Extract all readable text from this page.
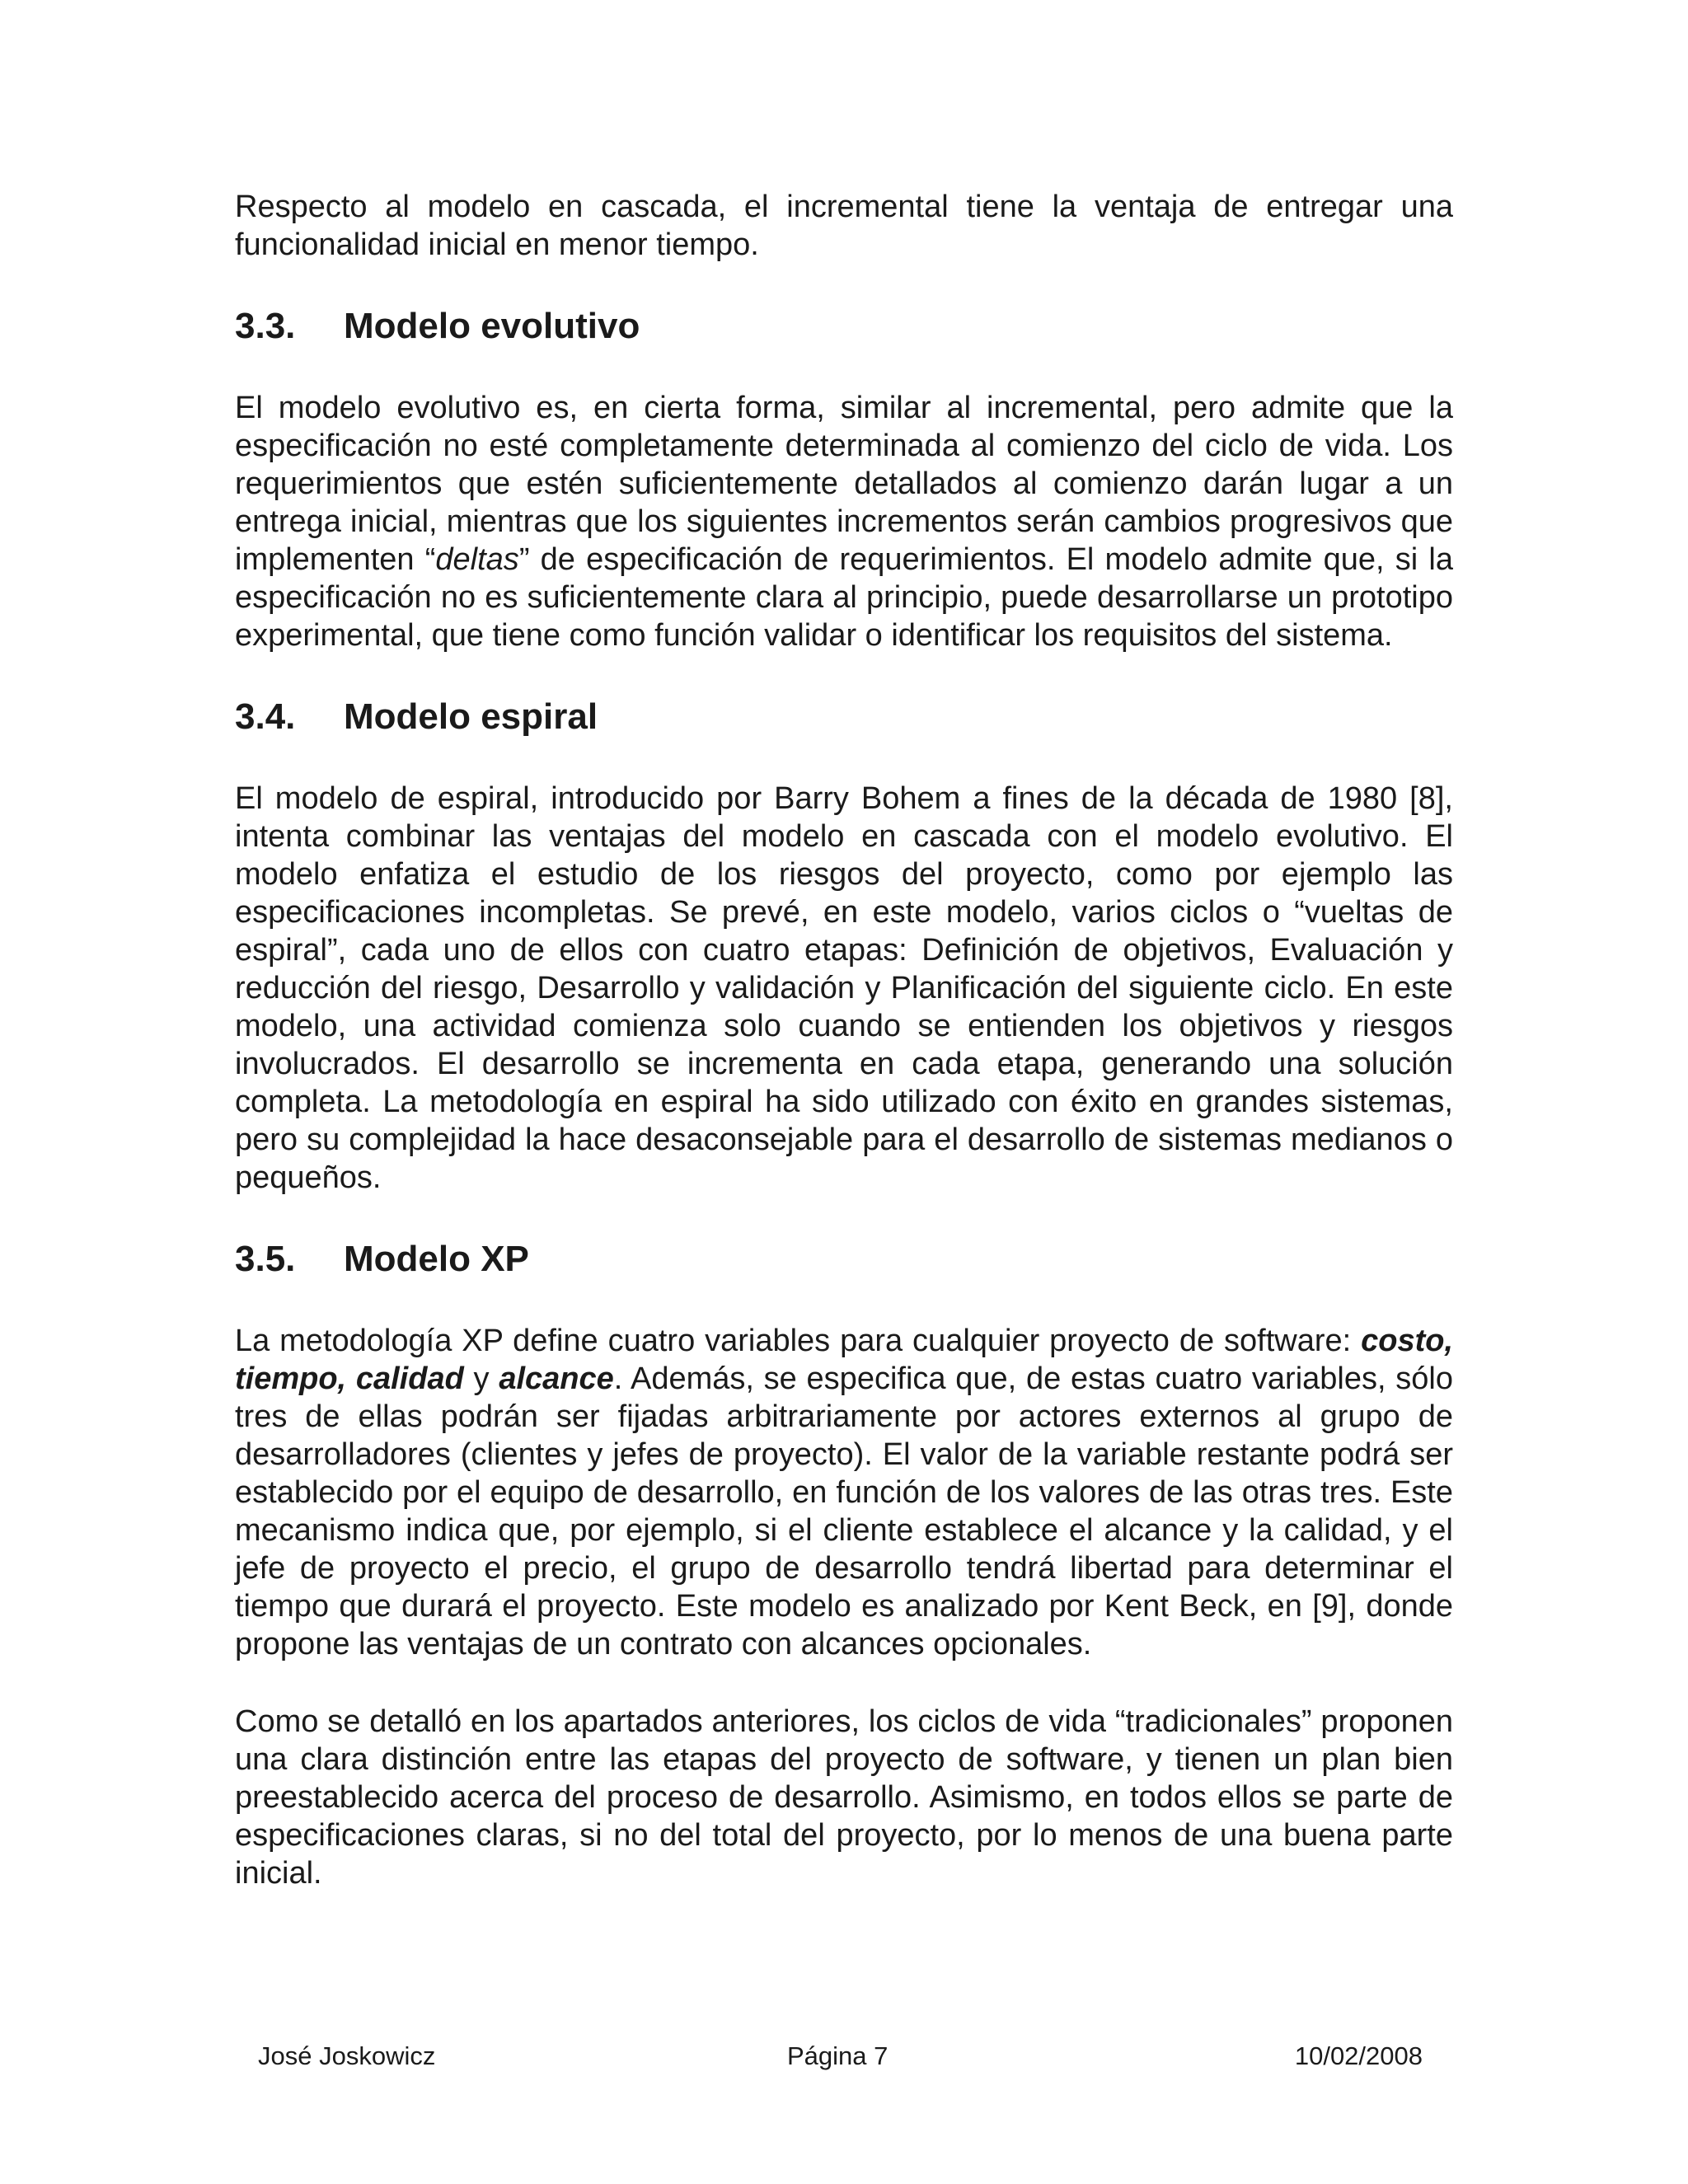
Respecto al modelo en cascada, el incremental tiene la ventaja de entregar una funcionalidad inicial en menor tiempo.

3.3. Modelo evolutivo

El modelo evolutivo es, en cierta forma, similar al incremental, pero admite que la especificación no esté completamente determinada al comienzo del ciclo de vida. Los requerimientos que estén suficientemente detallados al comienzo darán lugar a un entrega inicial, mientras que los siguientes incrementos serán cambios progresivos que implementen “deltas” de especificación de requerimientos. El modelo admite que, si la especificación no es suficientemente clara al principio, puede desarrollarse un prototipo experimental, que tiene como función validar o identificar los requisitos del sistema.

3.4. Modelo espiral

El modelo de espiral, introducido por Barry Bohem a fines de la década de 1980 [8], intenta combinar las ventajas del modelo en cascada con el modelo evolutivo. El modelo enfatiza el estudio de los riesgos del proyecto, como por ejemplo las especificaciones incompletas. Se prevé, en este modelo, varios ciclos o “vueltas de espiral”, cada uno de ellos con cuatro etapas: Definición de objetivos, Evaluación y reducción del riesgo, Desarrollo y validación y Planificación del siguiente ciclo. En este modelo, una actividad comienza solo cuando se entienden los objetivos y riesgos involucrados. El desarrollo se incrementa en cada etapa, generando una solución completa. La metodología en espiral ha sido utilizado con éxito en grandes sistemas, pero su complejidad la hace desaconsejable para el desarrollo de sistemas medianos o pequeños.

3.5. Modelo XP

La metodología XP define cuatro variables para cualquier proyecto de software: costo, tiempo, calidad y alcance. Además, se especifica que, de estas cuatro variables, sólo tres de ellas podrán ser fijadas arbitrariamente por actores externos al grupo de desarrolladores (clientes y jefes de proyecto). El valor de la variable restante podrá ser establecido por el equipo de desarrollo, en función de los valores de las otras tres. Este mecanismo indica que, por ejemplo, si el cliente establece el alcance y la calidad, y el jefe de proyecto el precio, el grupo de desarrollo tendrá libertad para determinar el tiempo que durará el proyecto. Este modelo es analizado por Kent Beck, en [9], donde propone las ventajas de un contrato con alcances opcionales.

Como se detalló en los apartados anteriores, los ciclos de vida “tradicionales” proponen una clara distinción entre las etapas del proyecto de software, y tienen un plan bien preestablecido acerca del proceso de desarrollo. Asimismo, en todos ellos se parte de especificaciones claras, si no del total del proyecto, por lo menos de una buena parte inicial.

José Joskowicz	Página 7	10/02/2008
